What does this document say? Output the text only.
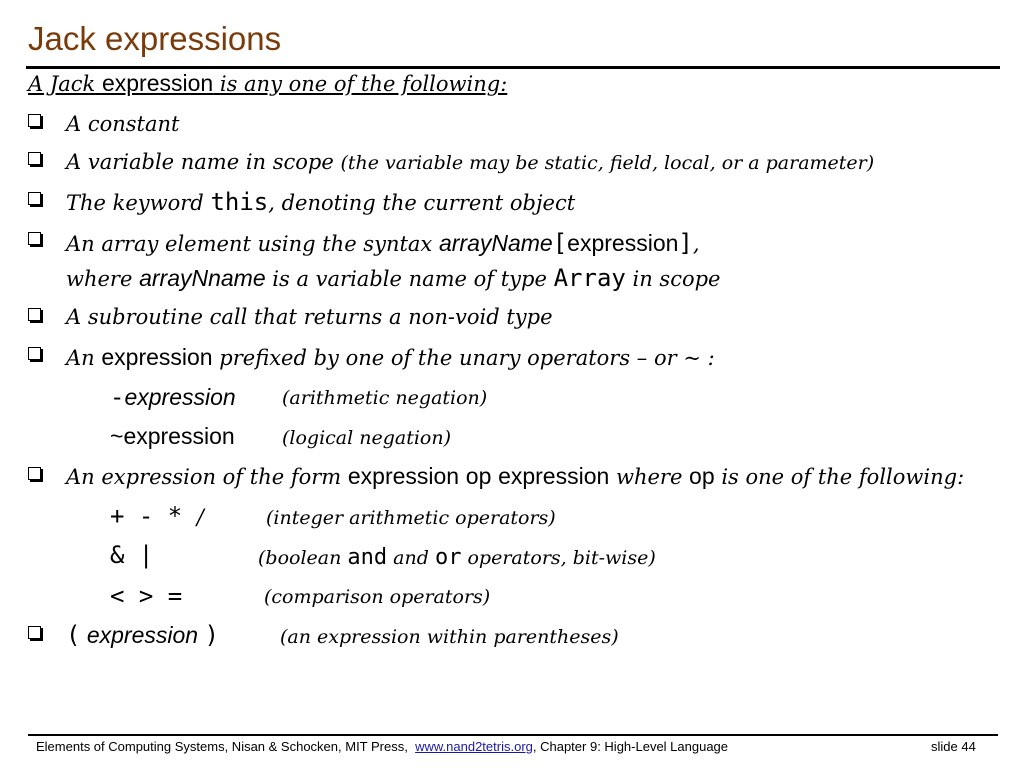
Jack expressions
A Jack expression is any one of the following:
A constant
A variable name in scope (the variable may be static, field, local, or a parameter)
The keyword this, denoting the current object
An array element using the syntax arrayName[expression],
where arrayNname is a variable name of type Array in scope
A subroutine call that returns a non-void type
An expression prefixed by one of the unary operators – or ~ :
-expression (arithmetic negation)
~expression (logical negation)
An expression of the form expression op expression where op is one of the following:
+ - * /	(integer arithmetic operators)
& |	(boolean and and or operators, bit-wise)
< > =	(comparison operators)
( expression )	(an expression within parentheses)
Elements of Computing Systems, Nisan & Schocken, MIT Press, www.nand2tetris.org, Chapter 9: High-Level Language	slide 44
